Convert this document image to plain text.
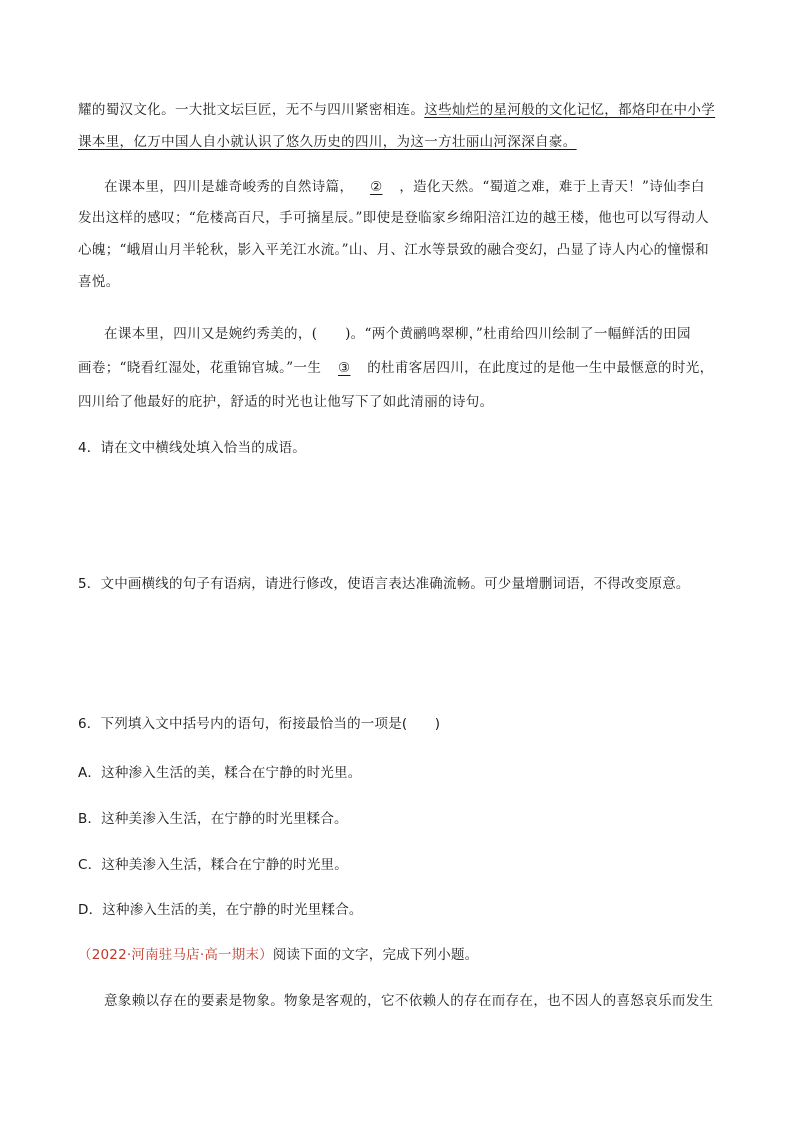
耀的蜀汉文化。一大批文坛巨匠，无不与四川紧密相连。这些灿烂的星河般的文化记忆，都烙印在中小学
课本里，亿万中国人自小就认识了悠久历史的四川，为这一方壮丽山河深深自豪。
在课本里，四川是雄奇峻秀的自然诗篇， ② ，造化天然。“蜀道之难，难于上青天！”诗仙李白
发出这样的感叹；“危楼高百尺，手可摘星辰。”即使是登临家乡绵阳涪江边的越王楼，他也可以写得动人
心魄；“峨眉山月半轮秋，影入平羌江水流。”山、月、江水等景致的融合变幻，凸显了诗人内心的憧憬和
喜悦。
在课本里，四川又是婉约秀美的，(　　)。“两个黄鹂鸣翠柳，”杜甫给四川绘制了一幅鲜活的田园
画卷；“晓看红湿处，花重锦官城。”一生 ③ 的杜甫客居四川，在此度过的是他一生中最惬意的时光，
四川给了他最好的庇护，舒适的时光也让他写下了如此清丽的诗句。
4．请在文中横线处填入恰当的成语。
5．文中画横线的句子有语病，请进行修改，使语言表达准确流畅。可少量增删词语，不得改变原意。
6．下列填入文中括号内的语句，衔接最恰当的一项是(　　)
A．这种渗入生活的美，糅合在宁静的时光里。
B．这种美渗入生活，在宁静的时光里糅合。
C．这种美渗入生活，糅合在宁静的时光里。
D．这种渗入生活的美，在宁静的时光里糅合。
（2022·河南驻马店·高一期末）阅读下面的文字，完成下列小题。
意象赖以存在的要素是物象。物象是客观的，它不依赖人的存在而存在，也不因人的喜怒哀乐而发生
